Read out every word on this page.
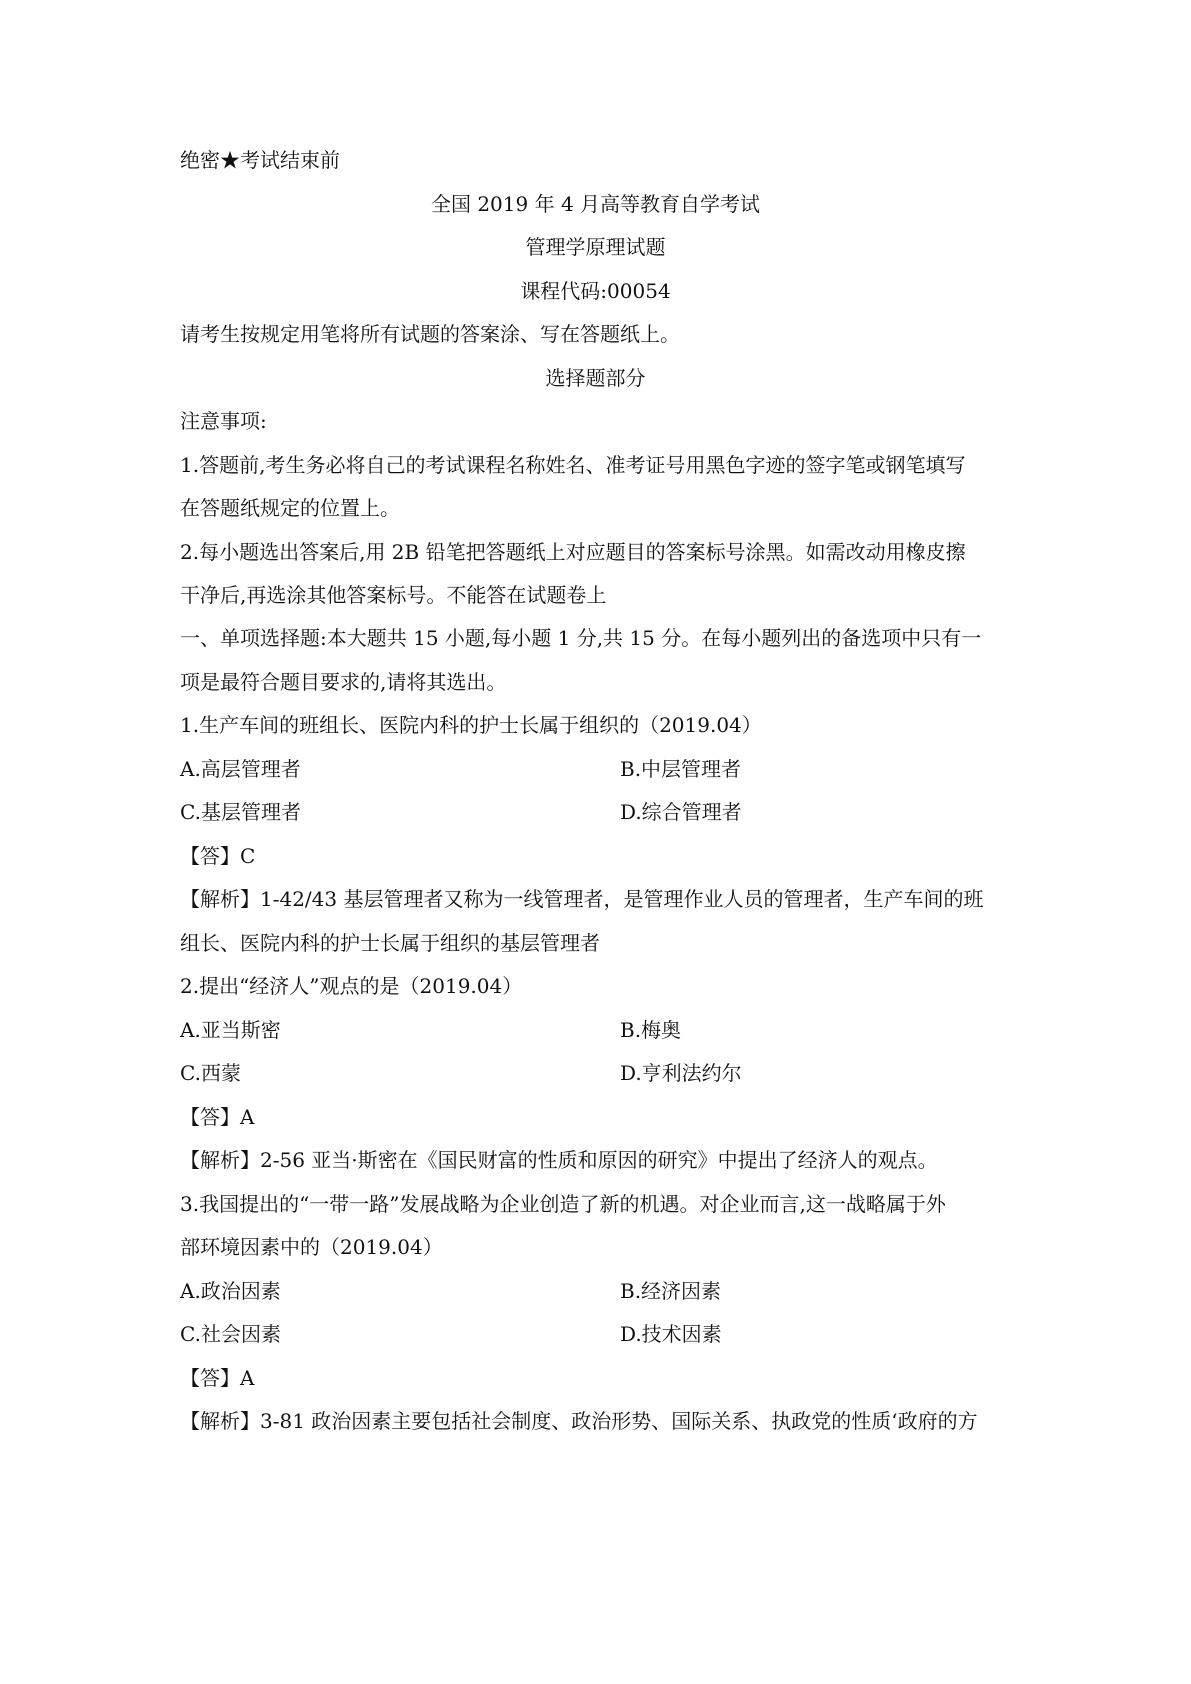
绝密★考试结束前
全国 2019 年 4 月高等教育自学考试
管理学原理试题
课程代码:00054
请考生按规定用笔将所有试题的答案涂、写在答题纸上。
选择题部分
注意事项:
1.答题前,考生务必将自己的考试课程名称姓名、准考证号用黑色字迹的签字笔或钢笔填写
在答题纸规定的位置上。
2.每小题选出答案后,用 2B 铅笔把答题纸上对应题目的答案标号涂黑。如需改动用橡皮擦
干净后,再选涂其他答案标号。不能答在试题卷上
一、单项选择题:本大题共 15 小题,每小题 1 分,共 15 分。在每小题列出的备选项中只有一
项是最符合题目要求的,请将其选出。
1.生产车间的班组长、医院内科的护士长属于组织的（2019.04）
A.高层管理者	B.中层管理者
C.基层管理者	D.综合管理者
【答】C
【解析】1-42/43 基层管理者又称为一线管理者，是管理作业人员的管理者，生产车间的班
组长、医院内科的护士长属于组织的基层管理者
2.提出“经济人”观点的是（2019.04）
A.亚当斯密	B.梅奥
C.西蒙	D.亨利法约尔
【答】A
【解析】2-56 亚当·斯密在《国民财富的性质和原因的研究》中提出了经济人的观点。
3.我国提出的“一带一路”发展战略为企业创造了新的机遇。对企业而言,这一战略属于外
部环境因素中的（2019.04）
A.政治因素	B.经济因素
C.社会因素	D.技术因素
【答】A
【解析】3-81 政治因素主要包括社会制度、政治形势、国际关系、执政党的性质‘政府的方
